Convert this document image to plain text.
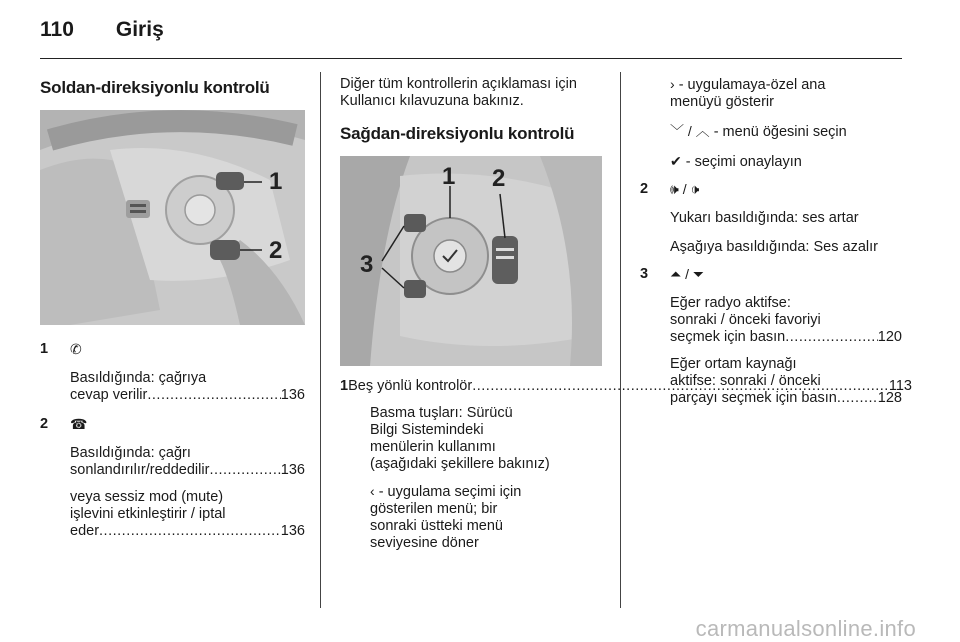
110 Giriş
Soldan-direksiyonlu kontrolü
1
2
1	✆

Basıldığında: çağrıya

cevap verilir .....	136
2	☎

Basıldığında: çağrı

sonlandırılır/reddedilir .....	136

veya sessiz mod (mute)

işlevini etkinleştirir / iptal

eder .....	136

Diğer tüm kontrollerin açıklaması için Kullanıcı kılavuzuna bakınız.

Sağdan-direksiyonlu kontrolü
1 2
3
1 Beş yönlü kontrolör .....	113

Basma tuşları: Sürücü

Bilgi Sistemindeki

menülerin kullanımı

(aşağıdaki şekillere bakınız)

‹ - uygulama seçimi için

gösterilen menü; bir

sonraki üstteki menü

seviyesine döner

› - uygulamaya-özel ana

menüyü gösterir

﹀ / ︿ - menü öğesini seçin

✔ - seçimi onaylayın

2	🕪 / 🕩

Yukarı basıldığında: ses artar

Aşağıya basıldığında: Ses azalır

3	⏶ / ⏷

Eğer radyo aktifse:

sonraki / önceki favoriyi

seçmek için basın .....	120

Eğer ortam kaynağı

aktifse: sonraki / önceki

parçayı seçmek için basın .....	128
carmanualsonline.info
